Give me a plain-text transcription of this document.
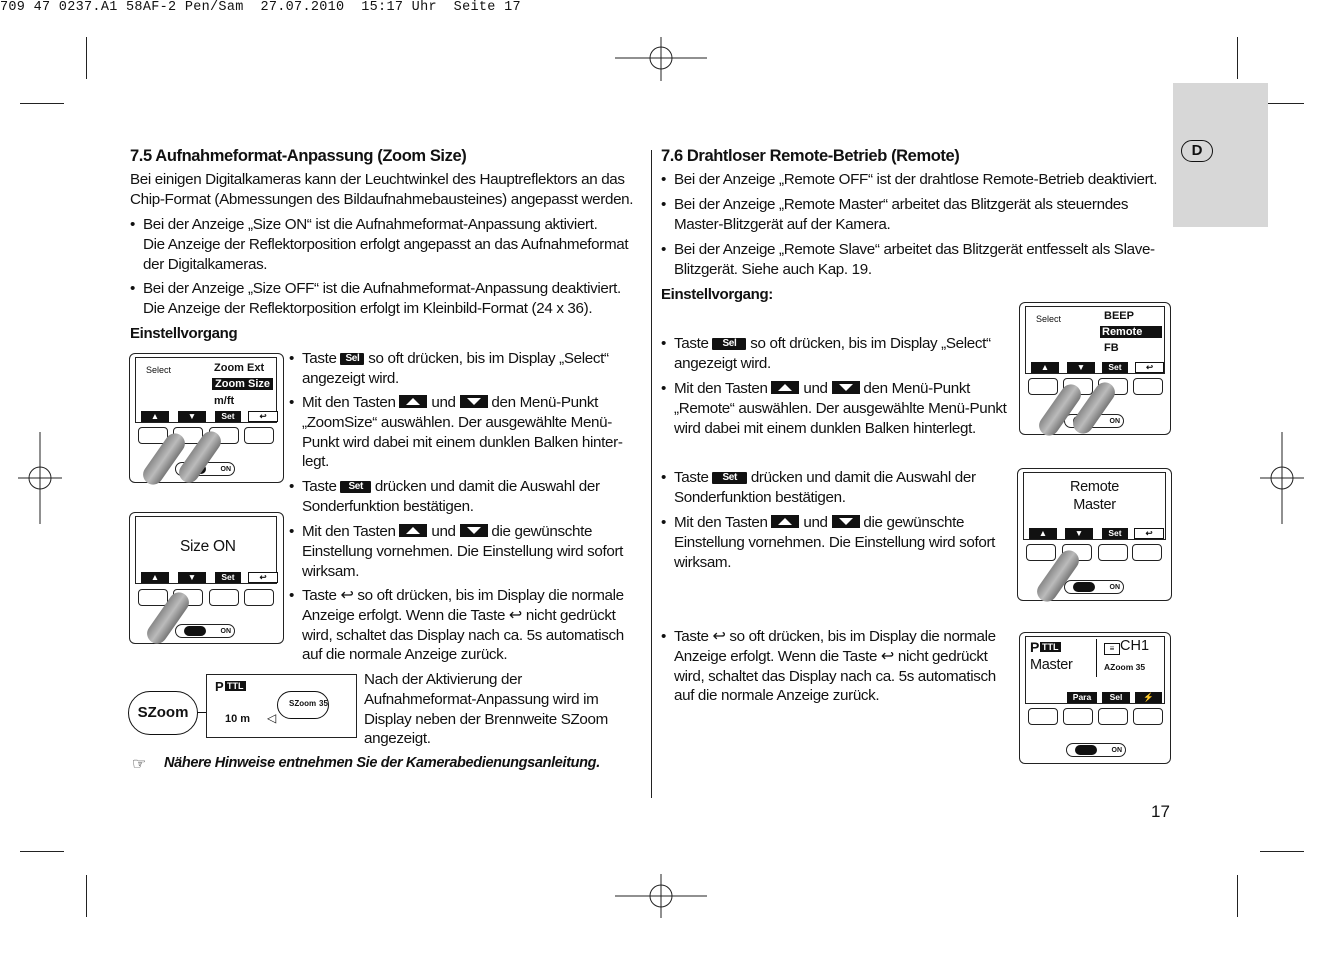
709 47 0237.A1 58AF-2 Pen/Sam  27.07.2010  15:17 Uhr  Seite 17
D
7.5 Aufnahmeformat-Anpassung (Zoom Size)
Bei einigen Digitalkameras kann der Leuchtwinkel des Hauptreflektors an das
Chip-Format (Abmessungen des Bildaufnahmebausteines) angepasst werden.
• Bei der Anzeige „Size ON“ ist die Aufnahmeformat-Anpassung aktiviert.
Die Anzeige der Reflektorposition erfolgt angepasst an das Aufnahmeformat
der Digitalkameras.
• Bei der Anzeige „Size OFF“ ist die Aufnahmeformat-Anpassung deaktiviert.
Die Anzeige der Reflektorposition erfolgt im Kleinbild-Format (24 x 36).
Einstellvorgang
Select	Zoom Ext
Zoom Size
m/ft
▲	▼	Set	↩
ON
Size ON
▲	▼	Set	↩
ON
SZoom
P TTL
SZoom 35
10 m ◁
Nach der Aktivierung der
Aufnahmeformat-Anpassung wird im
Display neben der Brennweite SZoom
angezeigt.
☞ Nähere Hinweise entnehmen Sie der Kamerabedienungsanleitung.
• Taste Sel so oft drücken, bis im Display „Select“
angezeigt wird.
• Mit den Tasten und den Menü-Punkt
„ZoomSize“ auswählen. Der ausgewählte Menü-
Punkt wird dabei mit einem dunklen Balken hinter-
legt.
• Taste Set drücken und damit die Auswahl der
Sonderfunktion bestätigen.
• Mit den Tasten und die gewünschte
Einstellung vornehmen. Die Einstellung wird sofort
wirksam.
• Taste ↩ so oft drücken, bis im Display die normale
Anzeige erfolgt. Wenn die Taste ↩ nicht gedrückt
wird, schaltet das Display nach ca. 5s automatisch
auf die normale Anzeige zurück.
7.6 Drahtloser Remote-Betrieb (Remote)
• Bei der Anzeige „Remote OFF“ ist der drahtlose Remote-Betrieb deaktiviert.
• Bei der Anzeige „Remote Master“ arbeitet das Blitzgerät als steuerndes
Master-Blitzgerät auf der Kamera.
• Bei der Anzeige „Remote Slave“ arbeitet das Blitzgerät entfesselt als Slave-
Blitzgerät. Siehe auch Kap. 19.
Einstellvorgang:
• Taste Sel so oft drücken, bis im Display „Select“
angezeigt wird.
• Mit den Tasten und den Menü-Punkt
„Remote“ auswählen. Der ausgewählte Menü-Punkt
wird dabei mit einem dunklen Balken hinterlegt.
• Taste Set drücken und damit die Auswahl der
Sonderfunktion bestätigen.
• Mit den Tasten und die gewünschte
Einstellung vornehmen. Die Einstellung wird sofort
wirksam.
• Taste ↩ so oft drücken, bis im Display die normale
Anzeige erfolgt. Wenn die Taste ↩ nicht gedrückt
wird, schaltet das Display nach ca. 5s automatisch
auf die normale Anzeige zurück.
Select	BEEP
Remote
FB
▲	▼	Set	↩
ON
Remote
Master
▲	▼	Set	↩
ON
P TTL	≡ CH1
Master	AZoom 35
Para	Sel	⚡
ON
17
